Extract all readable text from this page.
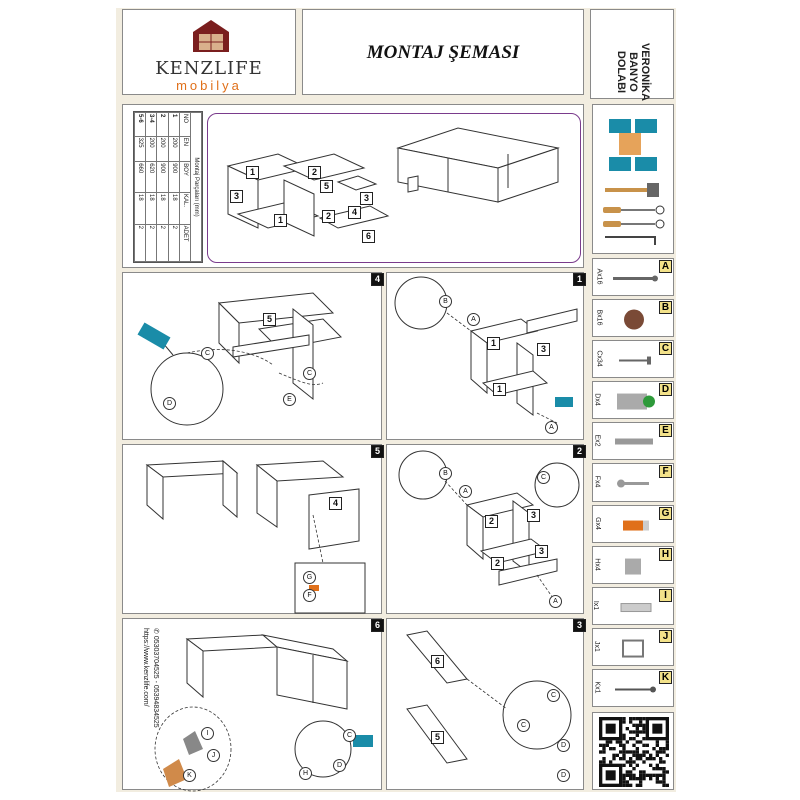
KENZLIFE
mobilya
MONTAJ ŞEMASI	VERONİKA
BANYO
DOLABI
Montaj Parçaları (mm)				
NO	EN	BOY	KAL.	ADET
1	200	900	18	2
2	200	900	18	2
3-4	200	620	18	2
5-6	325	660	18	2
1	2
3
5
1
3
4
6
2
A
Ax16
B
Bx16
C
Cx34
D
Dx4
E
Ex2
F
Fx4
G
Gx4
H
Hx4
I
Ix1
J
Jx1
K
Kx1
4
5
C
D
E
C
1
1
3
1
A
B
A
5
4
G
F
2
2
3
2
3
A
B
C
A
6
I
J
K
C
D
H
3
6
5
C
C
D
D
✆ 05303704525 - 05394834525
https://www.kenzlife.com/
